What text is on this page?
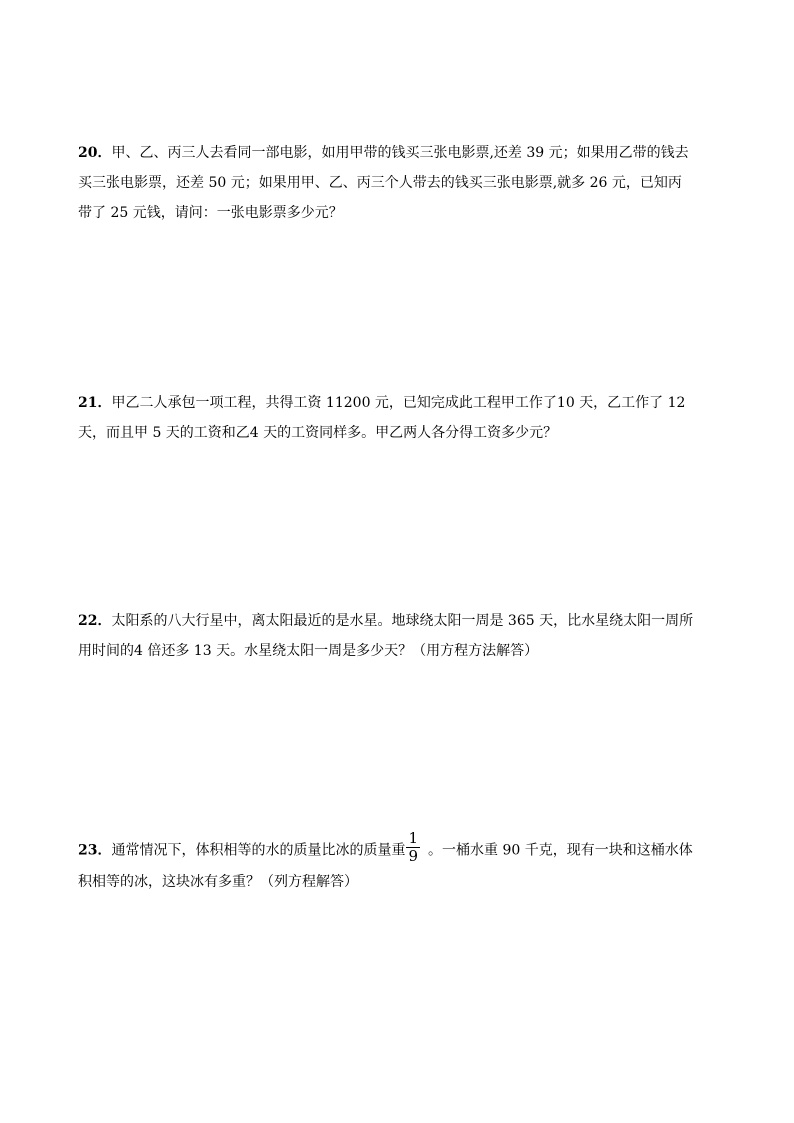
20．甲、乙、丙三人去看同一部电影，如用甲带的钱买三张电影票,还差 39 元；如果用乙带的钱去
买三张电影票，还差 50 元；如果用甲、乙、丙三个人带去的钱买三张电影票,就多 26 元，已知丙
带了 25 元钱，请问：一张电影票多少元？
21．甲乙二人承包一项工程，共得工资 11200 元，已知完成此工程甲工作了10 天，乙工作了 12
天，而且甲 5 天的工资和乙4 天的工资同样多。甲乙两人各分得工资多少元？
22．太阳系的八大行星中，离太阳最近的是水星。地球绕太阳一周是 365 天，比水星绕太阳一周所
用时间的4 倍还多 13 天。水星绕太阳一周是多少天？（用方程方法解答）
23．通常情况下，体积相等的水的质量比冰的质量重 $\frac{1}{9}$ 。一桶水重 90 千克，现有一块和这桶水体
积相等的冰，这块冰有多重？（列方程解答）
